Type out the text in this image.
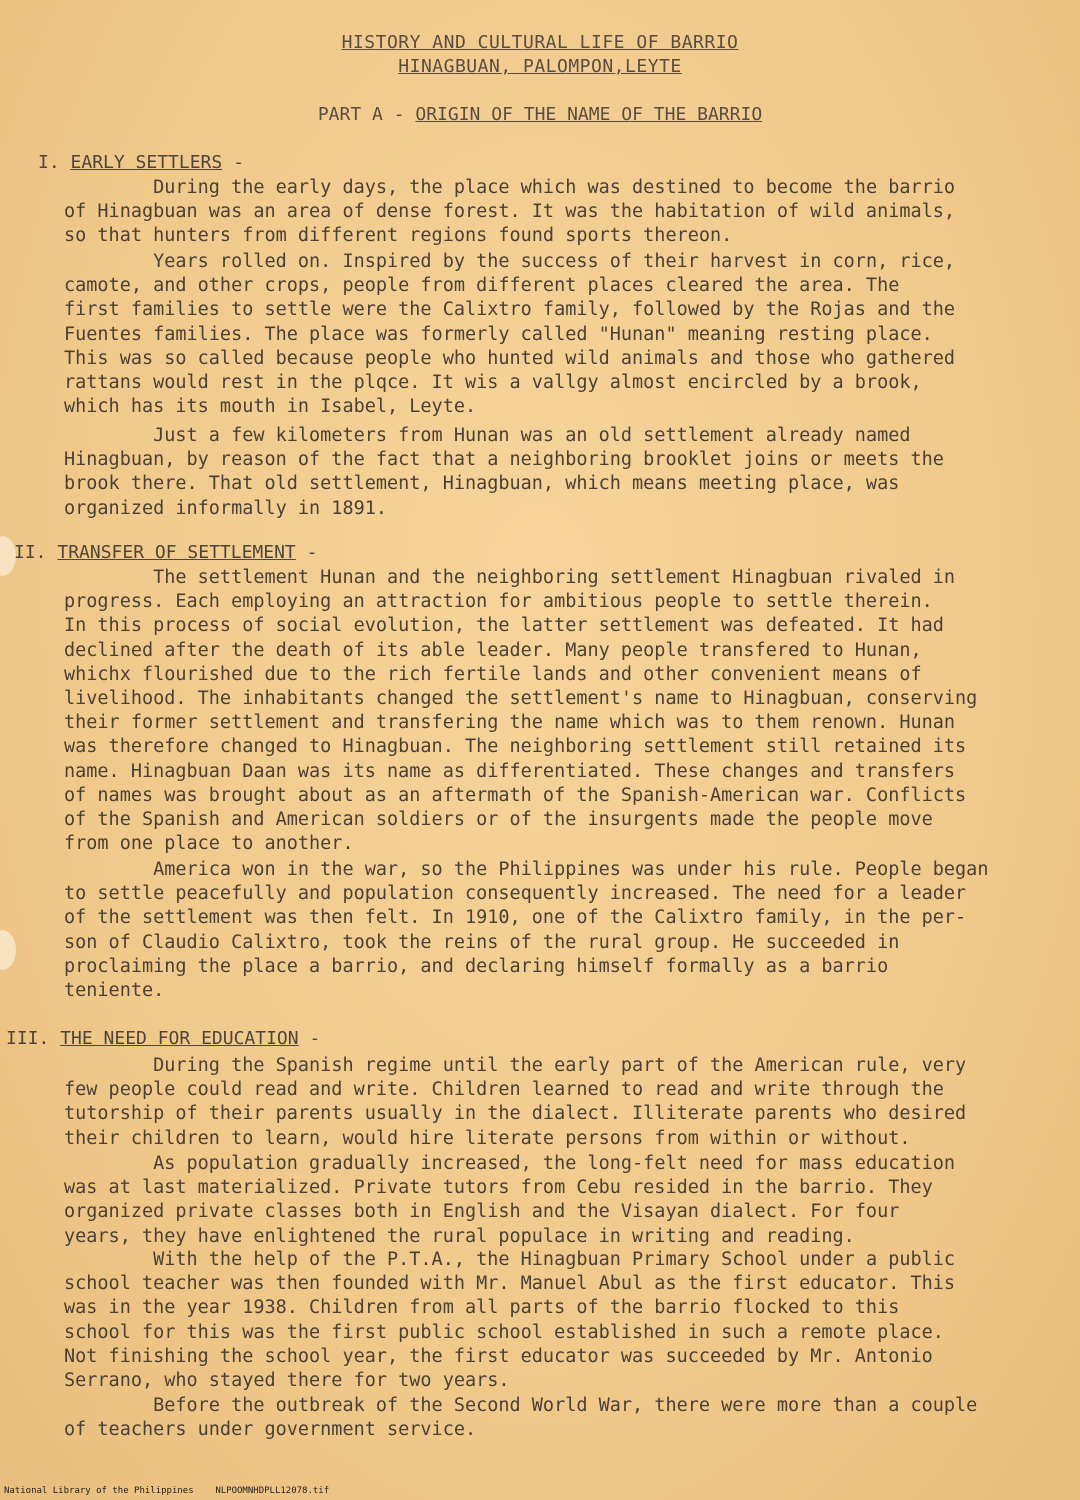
HISTORY AND CULTURAL LIFE OF BARRIO
HINAGBUAN, PALOMPON,LEYTE
PART A - ORIGIN OF THE NAME OF THE BARRIO
I. EARLY SETTLERS -
During the early days, the place which was destined to become the barrio
of Hinagbuan was an area of dense forest. It was the habitation of wild animals,
so that hunters from different regions found sports thereon.
Years rolled on. Inspired by the success of their harvest in corn, rice,
camote, and other crops, people from different places cleared the area. The
first families to settle were the Calixtro family, followed by the Rojas and the
Fuentes families. The place was formerly called "Hunan" meaning resting place.
This was so called because people who hunted wild animals and those who gathered
rattans would rest in the plqce. It wis a vallgy almost encircled by a brook,
which has its mouth in Isabel, Leyte.
Just a few kilometers from Hunan was an old settlement already named
Hinagbuan, by reason of the fact that a neighboring brooklet joins or meets the
brook there. That old settlement, Hinagbuan, which means meeting place, was
organized informally in 1891.
II. TRANSFER OF SETTLEMENT -
The settlement Hunan and the neighboring settlement Hinagbuan rivaled in
progress. Each employing an attraction for ambitious people to settle therein.
In this process of social evolution, the latter settlement was defeated. It had
declined after the death of its able leader. Many people transfered to Hunan,
whichx flourished due to the rich fertile lands and other convenient means of
livelihood. The inhabitants changed the settlement's name to Hinagbuan, conserving
their former settlement and transfering the name which was to them renown. Hunan
was therefore changed to Hinagbuan. The neighboring settlement still retained its
name. Hinagbuan Daan was its name as differentiated. These changes and transfers
of names was brought about as an aftermath of the Spanish-American war. Conflicts
of the Spanish and American soldiers or of the insurgents made the people move
from one place to another.
America won in the war, so the Philippines was under his rule. People began
to settle peacefully and population consequently increased. The need for a leader
of the settlement was then felt. In 1910, one of the Calixtro family, in the per-
son of Claudio Calixtro, took the reins of the rural group. He succeeded in
proclaiming the place a barrio, and declaring himself formally as a barrio
teniente.
III. THE NEED FOR EDUCATION -
During the Spanish regime until the early part of the American rule, very
few people could read and write. Children learned to read and write through the
tutorship of their parents usually in the dialect. Illiterate parents who desired
their children to learn, would hire literate persons from within or without.
As population gradually increased, the long-felt need for mass education
was at last materialized. Private tutors from Cebu resided in the barrio. They
organized private classes both in English and the Visayan dialect. For four
years, they have enlightened the rural populace in writing and reading.
With the help of the P.T.A., the Hinagbuan Primary School under a public
school teacher was then founded with Mr. Manuel Abul as the first educator. This
was in the year 1938. Children from all parts of the barrio flocked to this
school for this was the first public school established in such a remote place.
Not finishing the school year, the first educator was succeeded by Mr. Antonio
Serrano, who stayed there for two years.
Before the outbreak of the Second World War, there were more than a couple
of teachers under government service.
National Library of the Philippines NLPOOMNHDPLL12078.tif
